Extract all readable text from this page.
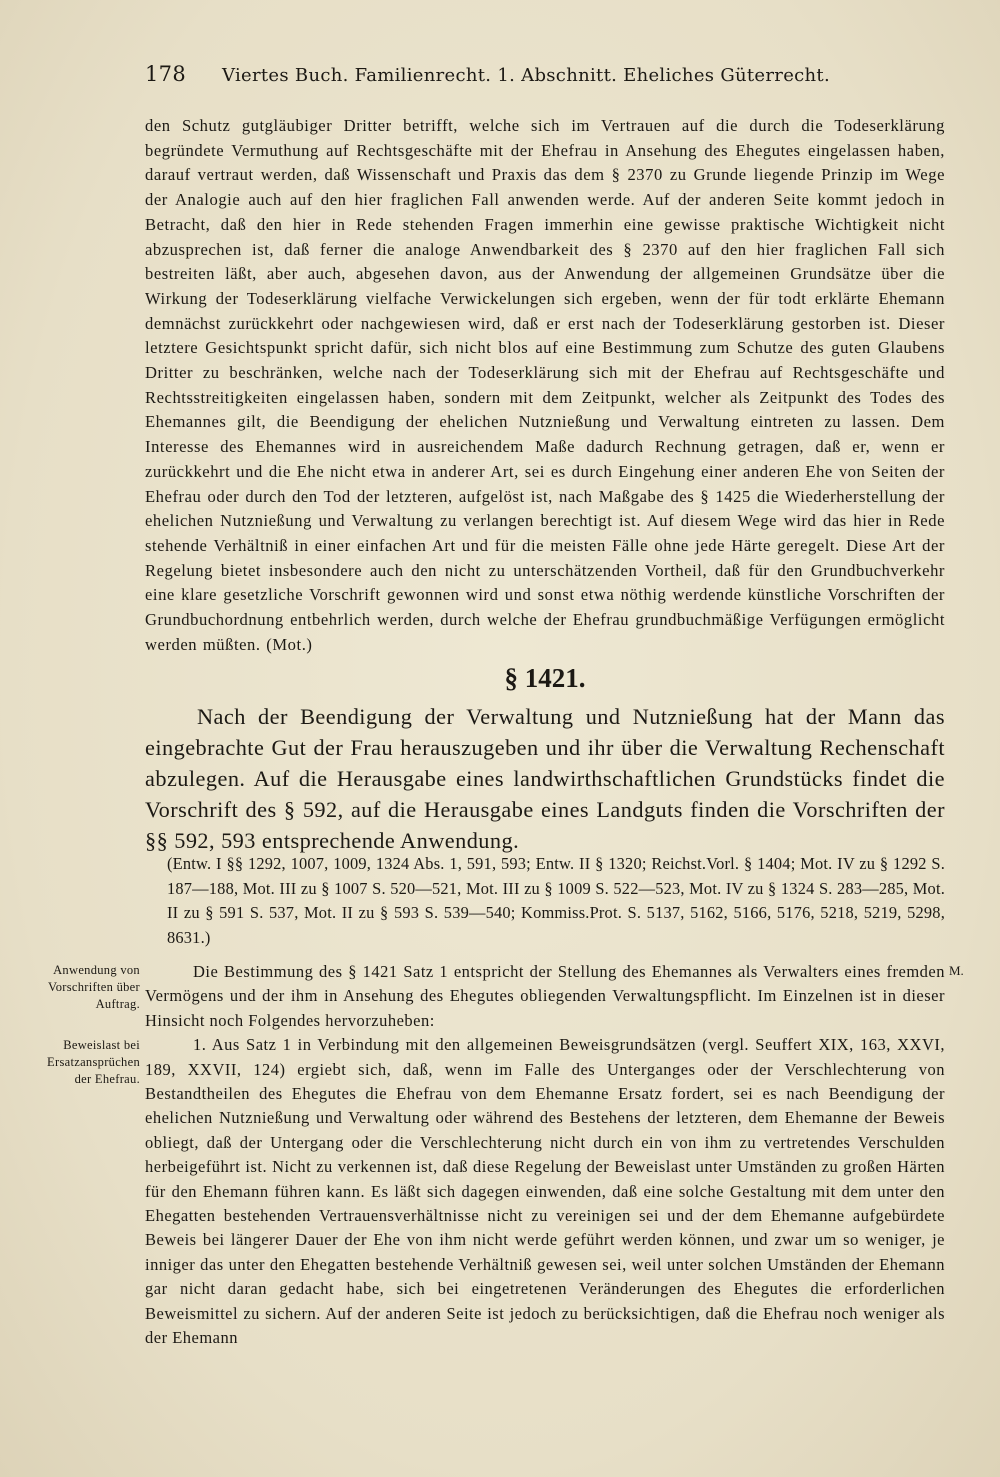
178 Viertes Buch. Familienrecht. 1. Abschnitt. Eheliches Güterrecht.
den Schutz gutgläubiger Dritter betrifft, welche sich im Vertrauen auf die durch die Todeserklärung begründete Vermuthung auf Rechtsgeschäfte mit der Ehefrau in Ansehung des Ehegutes eingelassen haben, darauf vertraut werden, daß Wissenschaft und Praxis das dem § 2370 zu Grunde liegende Prinzip im Wege der Analogie auch auf den hier fraglichen Fall anwenden werde. Auf der anderen Seite kommt jedoch in Betracht, daß den hier in Rede stehenden Fragen immerhin eine gewisse praktische Wichtigkeit nicht abzusprechen ist, daß ferner die analoge Anwendbarkeit des § 2370 auf den hier fraglichen Fall sich bestreiten läßt, aber auch, abgesehen davon, aus der Anwendung der allgemeinen Grundsätze über die Wirkung der Todeserklärung vielfache Verwickelungen sich ergeben, wenn der für todt erklärte Ehemann demnächst zurückkehrt oder nachgewiesen wird, daß er erst nach der Todeserklärung gestorben ist. Dieser letztere Gesichtspunkt spricht dafür, sich nicht blos auf eine Bestimmung zum Schutze des guten Glaubens Dritter zu beschränken, welche nach der Todeserklärung sich mit der Ehefrau auf Rechtsgeschäfte und Rechtsstreitigkeiten eingelassen haben, sondern mit dem Zeitpunkt, welcher als Zeitpunkt des Todes des Ehemannes gilt, die Beendigung der ehelichen Nutznießung und Verwaltung eintreten zu lassen. Dem Interesse des Ehemannes wird in ausreichendem Maße dadurch Rechnung getragen, daß er, wenn er zurückkehrt und die Ehe nicht etwa in anderer Art, sei es durch Eingehung einer anderen Ehe von Seiten der Ehefrau oder durch den Tod der letzteren, aufgelöst ist, nach Maßgabe des § 1425 die Wiederherstellung der ehelichen Nutznießung und Verwaltung zu verlangen berechtigt ist. Auf diesem Wege wird das hier in Rede stehende Verhältniß in einer einfachen Art und für die meisten Fälle ohne jede Härte geregelt. Diese Art der Regelung bietet insbesondere auch den nicht zu unterschätzenden Vortheil, daß für den Grundbuchverkehr eine klare gesetzliche Vorschrift gewonnen wird und sonst etwa nöthig werdende künstliche Vorschriften der Grundbuchordnung entbehrlich werden, durch welche der Ehefrau grundbuchmäßige Verfügungen ermöglicht werden müßten. (Mot.)
§ 1421.
Nach der Beendigung der Verwaltung und Nutznießung hat der Mann das eingebrachte Gut der Frau herauszugeben und ihr über die Verwaltung Rechenschaft abzulegen. Auf die Herausgabe eines landwirthschaftlichen Grundstücks findet die Vorschrift des § 592, auf die Herausgabe eines Landguts finden die Vorschriften der §§ 592, 593 entsprechende Anwendung.
(Entw. I §§ 1292, 1007, 1009, 1324 Abs. 1, 591, 593; Entw. II § 1320; Reichst.Vorl. § 1404; Mot. IV zu § 1292 S. 187—188, Mot. III zu § 1007 S. 520—521, Mot. III zu § 1009 S. 522—523, Mot. IV zu § 1324 S. 283—285, Mot. II zu § 591 S. 537, Mot. II zu § 593 S. 539—540; Kommiss.Prot. S. 5137, 5162, 5166, 5176, 5218, 5219, 5298, 8631.)
Anwendung von Vorschriften über Auftrag.
Beweislast bei Ersatzansprüchen der Ehefrau.
M.

Die Bestimmung des § 1421 Satz 1 entspricht der Stellung des Ehemannes als Verwalters eines fremden Vermögens und der ihm in Ansehung des Ehegutes obliegenden Verwaltungspflicht. Im Einzelnen ist in dieser Hinsicht noch Folgendes hervorzuheben:

1. Aus Satz 1 in Verbindung mit den allgemeinen Beweisgrundsätzen (vergl. Seuffert XIX, 163, XXVI, 189, XXVII, 124) ergiebt sich, daß, wenn im Falle des Unterganges oder der Verschlechterung von Bestandtheilen des Ehegutes die Ehefrau von dem Ehemanne Ersatz fordert, sei es nach Beendigung der ehelichen Nutznießung und Verwaltung oder während des Bestehens der letzteren, dem Ehemanne der Beweis obliegt, daß der Untergang oder die Verschlechterung nicht durch ein von ihm zu vertretendes Verschulden herbeigeführt ist. Nicht zu verkennen ist, daß diese Regelung der Beweislast unter Umständen zu großen Härten für den Ehemann führen kann. Es läßt sich dagegen einwenden, daß eine solche Gestaltung mit dem unter den Ehegatten bestehenden Vertrauensverhältnisse nicht zu vereinigen sei und der dem Ehemanne aufgebürdete Beweis bei längerer Dauer der Ehe von ihm nicht werde geführt werden können, und zwar um so weniger, je inniger das unter den Ehegatten bestehende Verhältniß gewesen sei, weil unter solchen Umständen der Ehemann gar nicht daran gedacht habe, sich bei eingetretenen Veränderungen des Ehegutes die erforderlichen Beweismittel zu sichern. Auf der anderen Seite ist jedoch zu berücksichtigen, daß die Ehefrau noch weniger als der Ehemann
